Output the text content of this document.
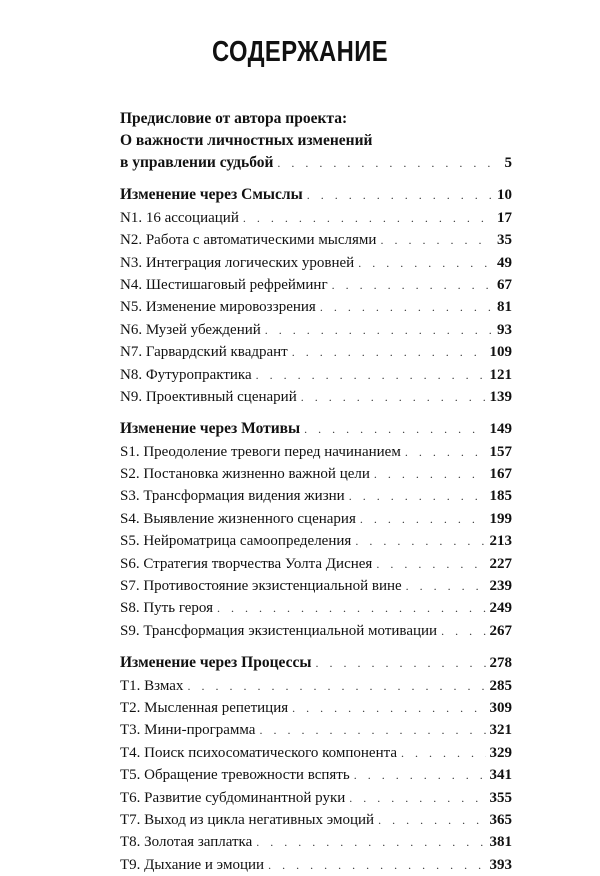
СОДЕРЖАНИЕ
Предисловие от автора проекта:
О важности личностных изменений
в управлении судьбой . . .	5
Изменение через Смыслы . . .	10
N1. 16 ассоциаций . . .	17
N2. Работа с автоматическими мыслями . . .	35
N3. Интеграция логических уровней . . .	49
N4. Шестишаговый рефрейминг . . .	67
N5. Изменение мировоззрения . . .	81
N6. Музей убеждений . . .	93
N7. Гарвардский квадрант . . .	109
N8. Футуропрактика . . .	121
N9. Проективный сценарий . . .	139
Изменение через Мотивы . . .	149
S1. Преодоление тревоги перед начинанием . . .	157
S2. Постановка жизненно важной цели . . .	167
S3. Трансформация видения жизни . . .	185
S4. Выявление жизненного сценария . . .	199
S5. Нейроматрица самоопределения . . .	213
S6. Стратегия творчества Уолта Диснея . . .	227
S7. Противостояние экзистенциальной вине . . .	239
S8. Путь героя . . .	249
S9. Трансформация экзистенциальной мотивации . . .	267
Изменение через Процессы . . .	278
T1. Взмах . . .	285
T2. Мысленная репетиция . . .	309
T3. Мини-программа . . .	321
T4. Поиск психосоматического компонента . . .	329
T5. Обращение тревожности вспять . . .	341
T6. Развитие субдоминантной руки . . .	355
T7. Выход из цикла негативных эмоций . . .	365
T8. Золотая заплатка . . .	381
T9. Дыхание и эмоции . . .	393
